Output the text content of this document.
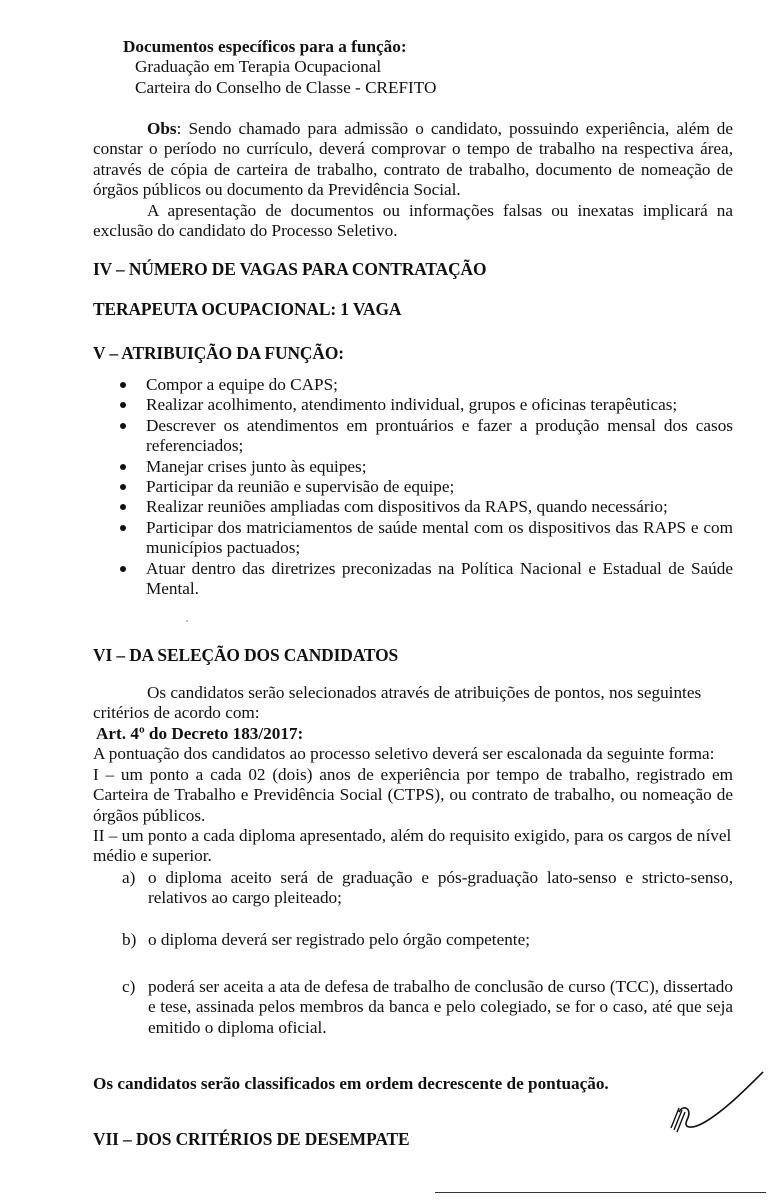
Documentos específicos para a função:
Graduação em Terapia Ocupacional
Carteira do Conselho de Classe - CREFITO
Obs: Sendo chamado para admissão o candidato, possuindo experiência, além de constar o período no currículo, deverá comprovar o tempo de trabalho na respectiva área, através de cópia de carteira de trabalho, contrato de trabalho, documento de nomeação de órgãos públicos ou documento da Previdência Social.
A apresentação de documentos ou informações falsas ou inexatas implicará na exclusão do candidato do Processo Seletivo.
IV – NÚMERO DE VAGAS PARA CONTRATAÇÃO
TERAPEUTA OCUPACIONAL: 1 VAGA
V – ATRIBUIÇÃO DA FUNÇÃO:
Compor a equipe do CAPS;
Realizar acolhimento, atendimento individual, grupos e oficinas terapêuticas;
Descrever os atendimentos em prontuários e fazer a produção mensal dos casos referenciados;
Manejar crises junto às equipes;
Participar da reunião e supervisão de equipe;
Realizar reuniões ampliadas com dispositivos da RAPS, quando necessário;
Participar dos matriciamentos de saúde mental com os dispositivos das RAPS e com municípios pactuados;
Atuar dentro das diretrizes preconizadas na Política Nacional e Estadual de Saúde Mental.
VI – DA SELEÇÃO DOS CANDIDATOS
Os candidatos serão selecionados através de atribuições de pontos, nos seguintes critérios de acordo com:
Art. 4º do Decreto 183/2017:
A pontuação dos candidatos ao processo seletivo deverá ser escalonada da seguinte forma:
I – um ponto a cada 02 (dois) anos de experiência por tempo de trabalho, registrado em Carteira de Trabalho e Previdência Social (CTPS), ou contrato de trabalho, ou nomeação de órgãos públicos.
II – um ponto a cada diploma apresentado, além do requisito exigido, para os cargos de nível médio e superior.
a) o diploma aceito será de graduação e pós-graduação lato-senso e stricto-senso, relativos ao cargo pleiteado;
b) o diploma deverá ser registrado pelo órgão competente;
c) poderá ser aceita a ata de defesa de trabalho de conclusão de curso (TCC), dissertado e tese, assinada pelos membros da banca e pelo colegiado, se for o caso, até que seja emitido o diploma oficial.
Os candidatos serão classificados em ordem decrescente de pontuação.
VII – DOS CRITÉRIOS DE DESEMPATE
